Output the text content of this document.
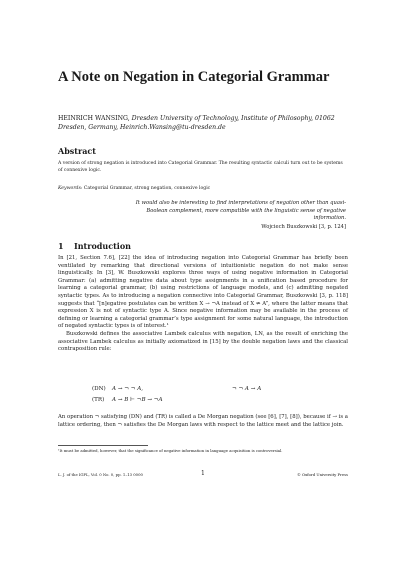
A Note on Negation in Categorial Grammar
HEINRICH WANSING, Dresden University of Technology, Institute of Philosophy, 01062 Dresden, Germany, Heinrich.Wansing@tu-dresden.de
Abstract
A version of strong negation is introduced into Categorial Grammar. The resulting syntactic calculi turn out to be systems of connexive logic.
Keywords: Categorial Grammar, strong negation, connexive logic
It would also be interesting to find interpretations of negation other than quasi-Boolean complement, more compatible with the linguistic sense of negative information.
Wojciech Buszkowski [3, p. 124]
1 Introduction

In [21, Section 7.6], [22] the idea of introducing negation into Categorial Grammar has briefly been ventilated by remarking that directional versions of intuitionistic negation do not make sense linguistically. In [3], W. Buszkowski explores three ways of using negative information in Categorial Grammar: (a) admitting negative data about type assignments in a unification based procedure for learning a categorial grammar, (b) using restrictions of language models, and (c) admitting negated syntactic types. As to introducing a negation connective into Categorial Grammar, Buszkowski [3, p. 118] suggests that “[n]egative postulates can be written X → ¬A instead of X ⇏ A”, where the latter means that expression X is not of syntactic type A. Since negative information may be available in the process of defining or learning a categorial grammar’s type assignment for some natural language, the introduction of negated syntactic types is of interest.¹

Buszkowski defines the associative Lambek calculus with negation, LN, as the result of enriching the associative Lambek calculus as initially axiomatized in [15] by the double negation laws and the classical contraposition rule:

(DN)	A → ¬ ¬ A,	¬ ¬ A → A
(TR)	A → B ⊢ ¬B → ¬A
An operation ¬ satisfying (DN) and (TR) is called a De Morgan negation (see [6], [7], [8]), because if → is a lattice ordering, then ¬ satisfies the De Morgan laws with respect to the lattice meet and the lattice join.
¹It must be admitted, however, that the significance of negative information in language acquisition is controversial.
L. J. of the IGPL, Vol. 0 No. 0, pp. 1–13 0000	1	© Oxford University Press
